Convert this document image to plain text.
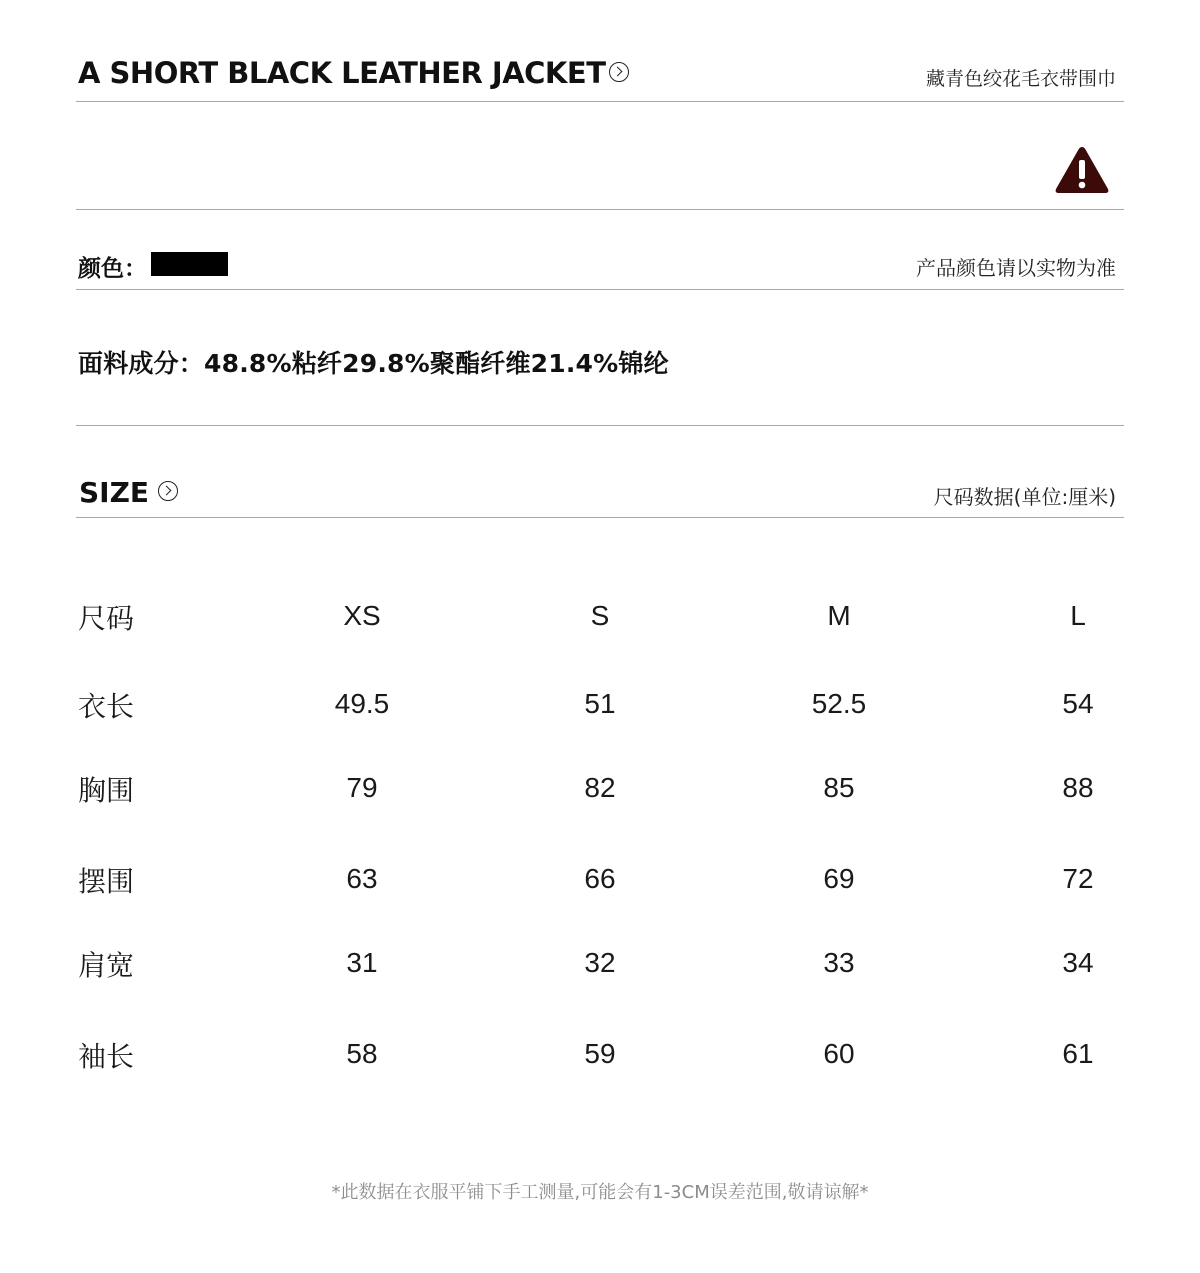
A SHORT BLACK LEATHER JACKET	藏青色绞花毛衣带围巾
颜色：	产品颜色请以实物为准
面料成分：48.8%粘纤29.8%聚酯纤维21.4%锦纶
SIZE	尺码数据(单位:厘米)
尺码	XS	S	M	L
衣长	49.5	51	52.5	54
胸围	79	82	85	88
摆围	63	66	69	72
肩宽	31	32	33	34
袖长	58	59	60	61
*此数据在衣服平铺下手工测量,可能会有1-3CM误差范围,敬请谅解*
